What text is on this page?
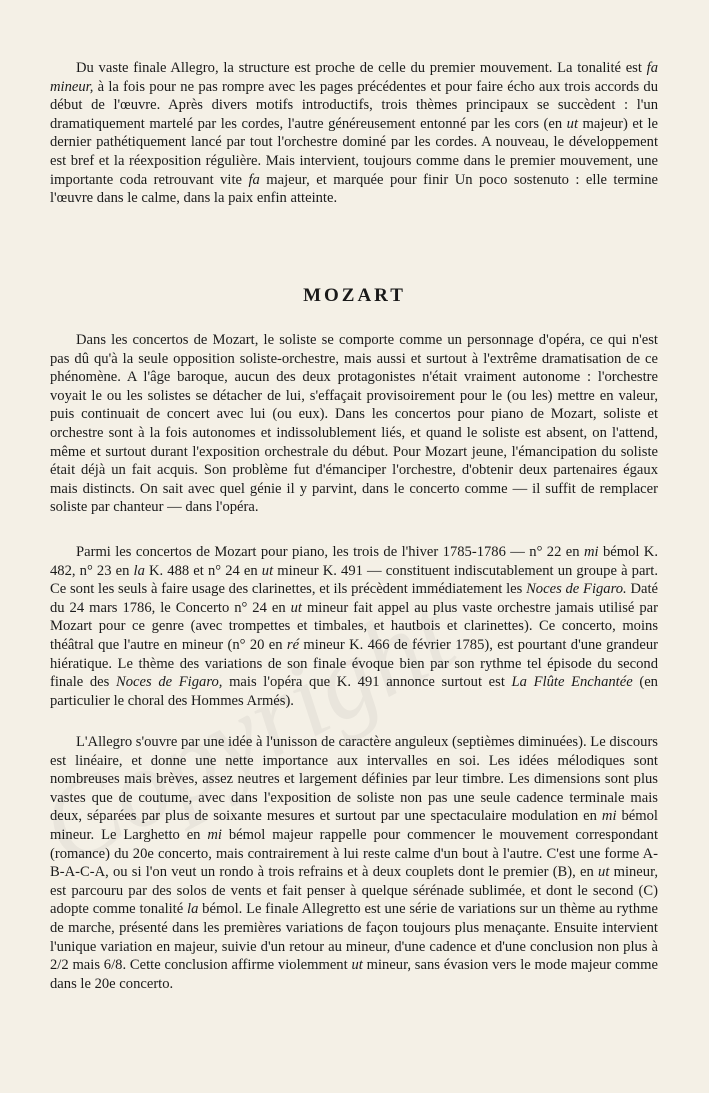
Du vaste finale Allegro, la structure est proche de celle du premier mouvement. La tonalité est fa mineur, à la fois pour ne pas rompre avec les pages précédentes et pour faire écho aux trois accords du début de l'œuvre. Après divers motifs introductifs, trois thèmes principaux se succèdent : l'un dramatiquement martelé par les cordes, l'autre généreusement entonné par les cors (en ut majeur) et le dernier pathétiquement lancé par tout l'orchestre dominé par les cordes. A nouveau, le développement est bref et la réexposition régulière. Mais intervient, toujours comme dans le premier mouvement, une importante coda retrouvant vite fa majeur, et marquée pour finir Un poco sostenuto : elle termine l'œuvre dans le calme, dans la paix enfin atteinte.

MOZART

Dans les concertos de Mozart, le soliste se comporte comme un personnage d'opéra, ce qui n'est pas dû qu'à la seule opposition soliste-orchestre, mais aussi et surtout à l'extrême dramatisation de ce phénomène. A l'âge baroque, aucun des deux protagonistes n'était vraiment autonome : l'orchestre voyait le ou les solistes se détacher de lui, s'effaçait provisoirement pour le (ou les) mettre en valeur, puis continuait de concert avec lui (ou eux). Dans les concertos pour piano de Mozart, soliste et orchestre sont à la fois autonomes et indissolublement liés, et quand le soliste est absent, on l'attend, même et surtout durant l'exposition orchestrale du début. Pour Mozart jeune, l'émancipation du soliste était déjà un fait acquis. Son problème fut d'émanciper l'orchestre, d'obtenir deux partenaires égaux mais distincts. On sait avec quel génie il y parvint, dans le concerto comme — il suffit de remplacer soliste par chanteur — dans l'opéra.

Parmi les concertos de Mozart pour piano, les trois de l'hiver 1785-1786 — n° 22 en mi bémol K. 482, n° 23 en la K. 488 et n° 24 en ut mineur K. 491 — constituent indiscutablement un groupe à part. Ce sont les seuls à faire usage des clarinettes, et ils précèdent immédiatement les Noces de Figaro. Daté du 24 mars 1786, le Concerto n° 24 en ut mineur fait appel au plus vaste orchestre jamais utilisé par Mozart pour ce genre (avec trompettes et timbales, et hautbois et clarinettes). Ce concerto, moins théâtral que l'autre en mineur (n° 20 en ré mineur K. 466 de février 1785), est pourtant d'une grandeur hiératique. Le thème des variations de son finale évoque bien par son rythme tel épisode du second finale des Noces de Figaro, mais l'opéra que K. 491 annonce surtout est La Flûte Enchantée (en particulier le choral des Hommes Armés).

L'Allegro s'ouvre par une idée à l'unisson de caractère anguleux (septièmes diminuées). Le discours est linéaire, et donne une nette importance aux intervalles en soi. Les idées mélodiques sont nombreuses mais brèves, assez neutres et largement définies par leur timbre. Les dimensions sont plus vastes que de coutume, avec dans l'exposition de soliste non pas une seule cadence terminale mais deux, séparées par plus de soixante mesures et surtout par une spectaculaire modulation en mi bémol mineur. Le Larghetto en mi bémol majeur rappelle pour commencer le mouvement correspondant (romance) du 20e concerto, mais contrairement à lui reste calme d'un bout à l'autre. C'est une forme A-B-A-C-A, ou si l'on veut un rondo à trois refrains et à deux couplets dont le premier (B), en ut mineur, est parcouru par des solos de vents et fait penser à quelque sérénade sublimée, et dont le second (C) adopte comme tonalité la bémol. Le finale Allegretto est une série de variations sur un thème au rythme de marche, présenté dans les premières variations de façon toujours plus menaçante. Ensuite intervient l'unique variation en majeur, suivie d'un retour au mineur, d'une cadence et d'une conclusion non plus à 2/2 mais 6/8. Cette conclusion affirme violemment ut mineur, sans évasion vers le mode majeur comme dans le 20e concerto.
